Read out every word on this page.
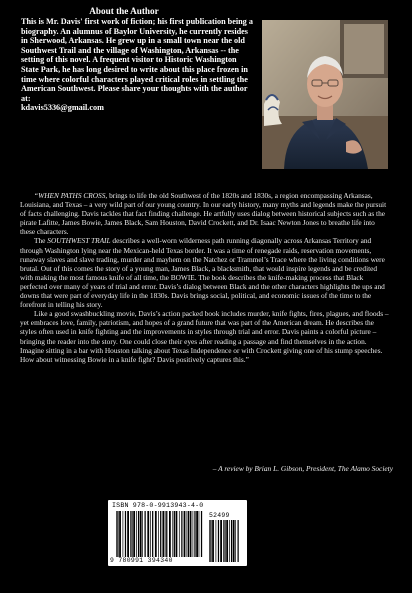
About the Author
This is Mr. Davis' first work of fiction; his first publication being a biography. An alumnus of Baylor University, he currently resides in Sherwood, Arkansas. He grew up in a small town near the old Southwest Trail and the village of Washington, Arkansas -- the setting of this novel. A frequent visitor to Historic Washington State Park, he has long desired to write about this place frozen in time where colorful characters played critical roles in settling the American Southwest. Please share your thoughts with the author at:
kdavis5336@gmail.com

“WHEN PATHS CROSS, brings to life the old Southwest of the 1820s and 1830s, a region encompassing Arkansas, Louisiana, and Texas – a very wild part of our young country. In our early history, many myths and legends make the pursuit of facts challenging. Davis tackles that fact finding challenge. He artfully uses dialog between historical subjects such as the pirate Lafitte, James Bowie, James Black, Sam Houston, David Crockett, and Dr. Isaac Newton Jones to breathe life into these characters.

The SOUTHWEST TRAIL describes a well-worn wilderness path running diagonally across Arkansas Territory and through Washington lying near the Mexican-held Texas border. It was a time of renegade raids, reservation movements, runaway slaves and slave trading, murder and mayhem on the Natchez or Trammel’s Trace where the living conditions were brutal. Out of this comes the story of a young man, James Black, a blacksmith, that would inspire legends and be credited with making the most famous knife of all time, the BOWIE. The book describes the knife-making process that Black perfected over many of years of trial and error. Davis’s dialog between Black and the other characters highlights the ups and downs that were part of everyday life in the 1830s. Davis brings social, political, and economic issues of the time to the forefront in telling his story.

Like a good swashbuckling movie, Davis’s action packed book includes murder, knife fights, fires, plagues, and floods – yet embraces love, family, patriotism, and hopes of a grand future that was part of the American dream. He describes the styles often used in knife fighting and the improvements in styles through trial and error. Davis paints a colorful picture – bringing the reader into the story. One could close their eyes after reading a passage and find themselves in the action. Imagine sitting in a bar with Houston talking about Texas Independence or with Crockett giving one of his stump speeches. How about witnessing Bowie in a knife fight? Davis positively captures this.”

– A review by Brian L. Gibson, President, The Alamo Society
ISBN 978-0-9913943-4-0
52499
9 780991 394340
